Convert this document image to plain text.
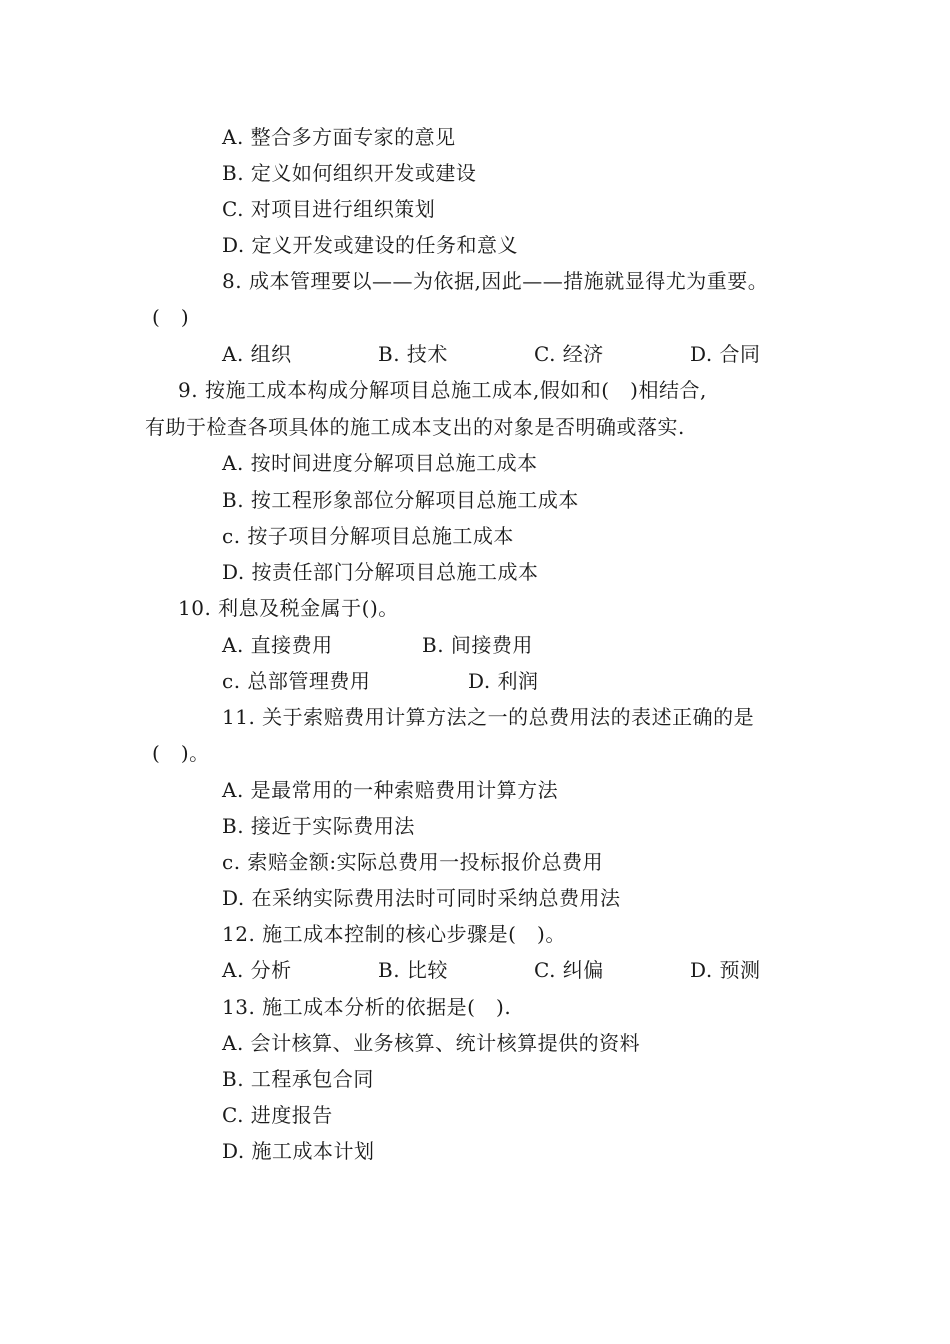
A. 整合多方面专家的意见
B. 定义如何组织开发或建设
C. 对项目进行组织策划
D. 定义开发或建设的任务和意义
8. 成本管理要以——为依据,因此——措施就显得尤为重要。
(   )
A. 组织	B. 技术	C. 经济	D. 合同
9. 按施工成本构成分解项目总施工成本,假如和(   )相结合,
有助于检查各项具体的施工成本支出的对象是否明确或落实.
A. 按时间进度分解项目总施工成本
B. 按工程形象部位分解项目总施工成本
c. 按子项目分解项目总施工成本
D. 按责任部门分解项目总施工成本
10. 利息及税金属于()。
A. 直接费用	B. 间接费用
c. 总部管理费用	D. 利润
11. 关于索赔费用计算方法之一的总费用法的表述正确的是
(   )。
A. 是最常用的一种索赔费用计算方法
B. 接近于实际费用法
c. 索赔金额:实际总费用一投标报价总费用
D. 在采纳实际费用法时可同时采纳总费用法
12. 施工成本控制的核心步骤是(   )。
A. 分析	B. 比较	C. 纠偏	D. 预测
13. 施工成本分析的依据是(   ).
A. 会计核算、业务核算、统计核算提供的资料
B. 工程承包合同
C. 进度报告
D. 施工成本计划
